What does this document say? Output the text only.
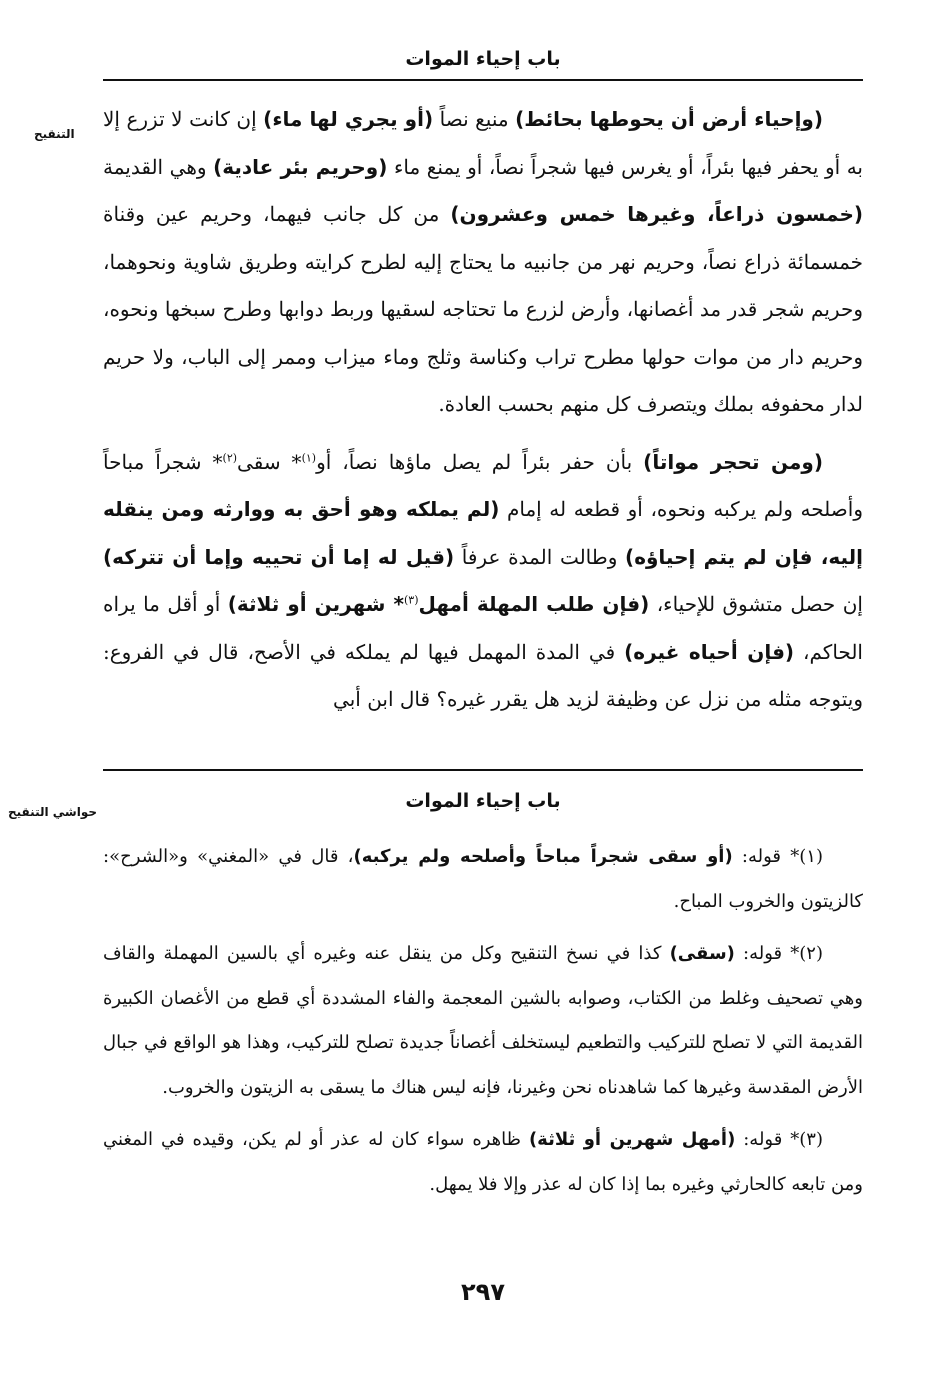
باب إحياء الموات
التنقيح

(وإحياء أرض أن يحوطها بحائط) منيع نصاً (أو يجري لها ماء) إن كانت لا تزرع إلا به أو يحفر فيها بئراً، أو يغرس فيها شجراً نصاً، أو يمنع ماء (وحريم بئر عادية) وهي القديمة (خمسون ذراعاً، وغيرها خمس وعشرون) من كل جانب فيهما، وحريم عين وقناة خمسمائة ذراع نصاً، وحريم نهر من جانبيه ما يحتاج إليه لطرح كرايته وطريق شاوية ونحوهما، وحريم شجر قدر مد أغصانها، وأرض لزرع ما تحتاجه لسقيها وربط دوابها وطرح سبخها ونحوه، وحريم دار من موات حولها مطرح تراب وكناسة وثلج وماء ميزاب وممر إلى الباب، ولا حريم لدار محفوفه بملك ويتصرف كل منهم بحسب العادة.

(ومن تحجر مواتاً) بأن حفر بئراً لم يصل ماؤها نصاً، أو$^{(١)}$* سقى$^{(٢)}$* شجراً مباحاً وأصلحه ولم يركبه ونحوه، أو قطعه له إمام (لم يملكه وهو أحق به ووارثه ومن ينقله إليه، فإن لم يتم إحياؤه) وطالت المدة عرفاً (قيل له إما أن تحييه وإما أن تتركه) إن حصل متشوق للإحياء، (فإن طلب المهلة أمهل$^{(٣)}$* شهرين أو ثلاثة) أو أقل ما يراه الحاكم، (فإن أحياه غيره) في المدة المهمل فيها لم يملكه في الأصح، قال في الفروع: ويتوجه مثله من نزل عن وظيفة لزيد هل يقرر غيره؟ قال ابن أبي

حواشي التنقيح	باب إحياء الموات

(١)* قوله: (أو سقى شجراً مباحاً وأصلحه ولم يركبه)، قال في «المغني» و«الشرح»: كالزيتون والخروب المباح.

(٢)* قوله: (سقى) كذا في نسخ التنقيح وكل من ينقل عنه وغيره أي بالسين المهملة والقاف وهي تصحيف وغلط من الكتاب، وصوابه بالشين المعجمة والفاء المشددة أي قطع من الأغصان الكبيرة القديمة التي لا تصلح للتركيب والتطعيم ليستخلف أغصاناً جديدة تصلح للتركيب، وهذا هو الواقع في جبال الأرض المقدسة وغيرها كما شاهدناه نحن وغيرنا، فإنه ليس هناك ما يسقى به الزيتون والخروب.

(٣)* قوله: (أمهل شهرين أو ثلاثة) ظاهره سواء كان له عذر أو لم يكن، وقيده في المغني ومن تابعه كالحارثي وغيره بما إذا كان له عذر وإلا فلا يمهل.

٢٩٧
